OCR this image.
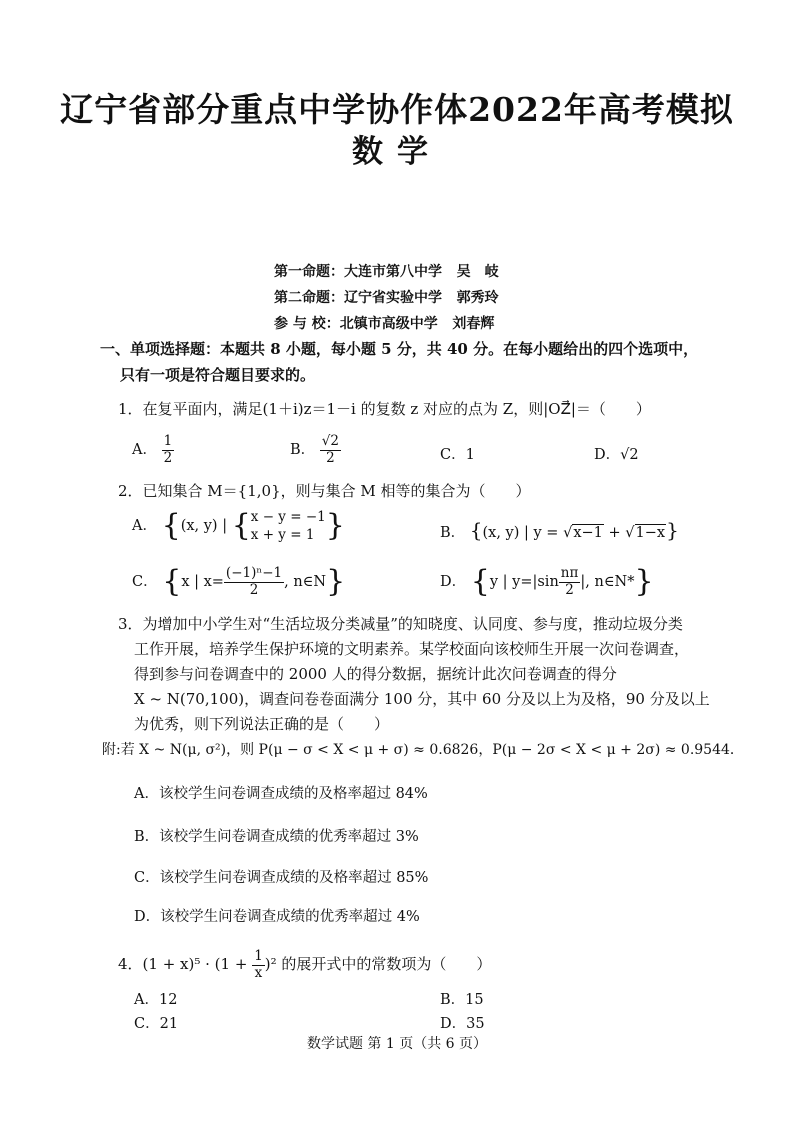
辽宁省部分重点中学协作体2022年高考模拟
数学
第一命题：大连市第八中学 吴　岐
第二命题：辽宁省实验中学 郭秀玲
参 与 校：北镇市高级中学 刘春辉
一、单项选择题：本题共 8 小题，每小题 5 分，共 40 分。在每小题给出的四个选项中，
只有一项是符合题目要求的。
1．在复平面内，满足(1＋i)z＝1－i 的复数 z 对应的点为 Z，则|OZ⃗|＝（　　）
A． $\frac{1}{2}$	B． $\frac{√2}{2}$	C．1	D．√2
2．已知集合 M＝{1,0}，则与集合 M 相等的集合为（　　）
A． {(x, y) | { x − y = −1
x + y = 1 }	B． {(x, y) | y = √x−1 + √1−x}
C． {x | $x= \frac{\text{(−1)ⁿ−1}}{2}$ , n∈N}	D． {y | $y=|\sin \frac{n\pi}{2}$ |, n∈N*}
3．为增加中小学生对“生活垃圾分类减量”的知晓度、认同度、参与度，推动垃圾分类
工作开展，培养学生保护环境的文明素养。某学校面向该校师生开展一次问卷调查，
得到参与问卷调查中的 2000 人的得分数据，据统计此次问卷调查的得分
X ~ N(70,100)，调查问卷卷面满分 100 分，其中 60 分及以上为及格，90 分及以上
为优秀，则下列说法正确的是（　　）
附:若 X ~ N(μ, σ²)，则 P(μ − σ < X < μ + σ) ≈ 0.6826，P(μ − 2σ < X < μ + 2σ) ≈ 0.9544．
A．该校学生问卷调查成绩的及格率超过 84%
B．该校学生问卷调查成绩的优秀率超过 3%
C．该校学生问卷调查成绩的及格率超过 85%
D．该校学生问卷调查成绩的优秀率超过 4%
4．$(1 + x)^5 \cdot (1 + \frac{1}{x} )^2$ 的展开式中的常数项为（　　）
A．12	B．15
C．21	D．35
数学试题 第 1 页（共 6 页）
